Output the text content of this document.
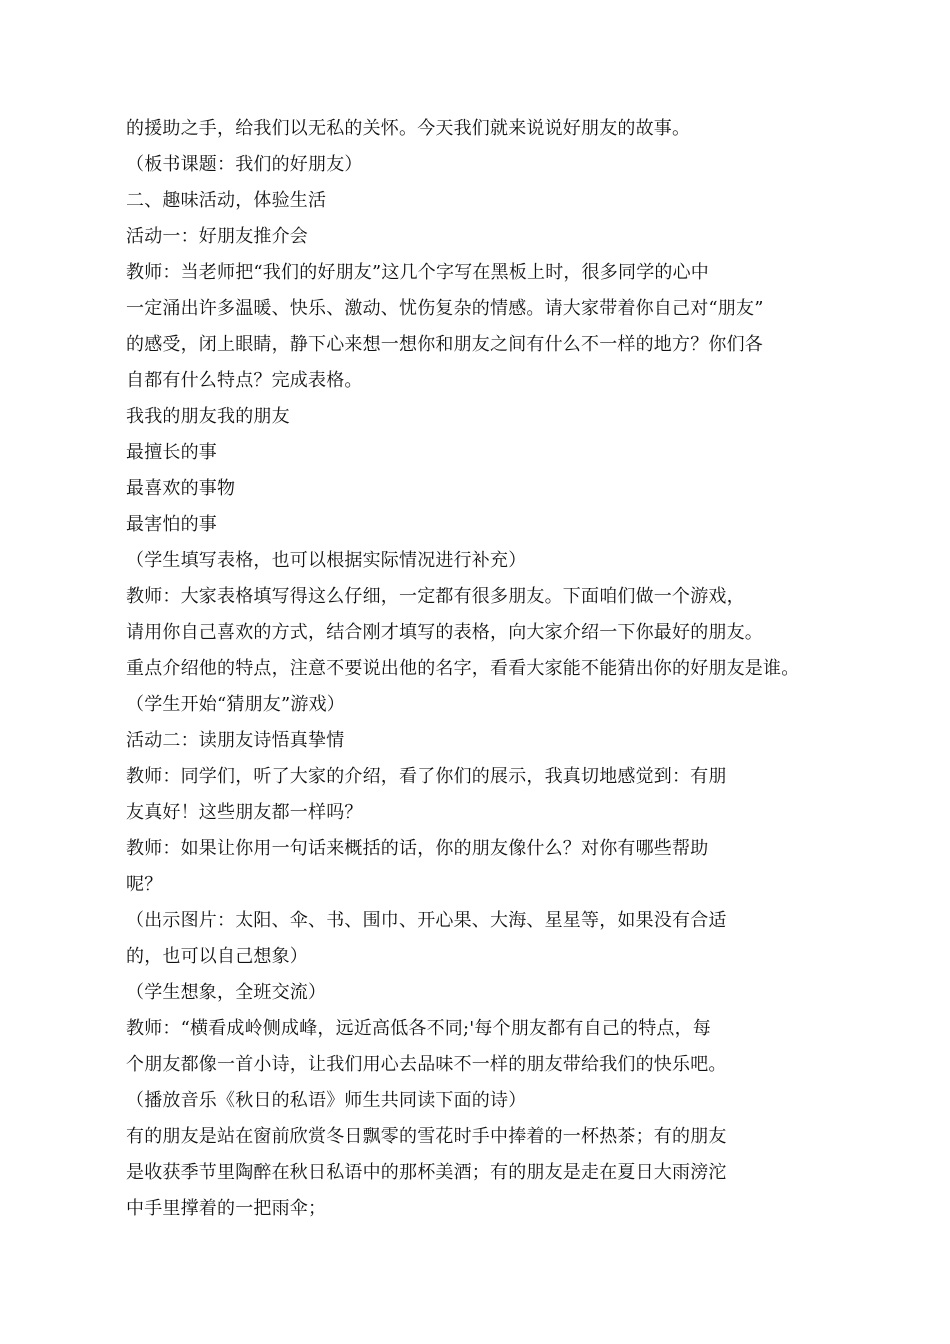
的援助之手，给我们以无私的关怀。今天我们就来说说好朋友的故事。
（板书课题：我们的好朋友）
二、趣味活动，体验生活
活动一：好朋友推介会
教师：当老师把“我们的好朋友”这几个字写在黑板上时，很多同学的心中
一定涌出许多温暖、快乐、激动、忧伤复杂的情感。请大家带着你自己对“朋友”
的感受，闭上眼睛，静下心来想一想你和朋友之间有什么不一样的地方？你们各
自都有什么特点？完成表格。
我我的朋友我的朋友
最擅长的事
最喜欢的事物
最害怕的事
（学生填写表格，也可以根据实际情况进行补充）
教师：大家表格填写得这么仔细，一定都有很多朋友。下面咱们做一个游戏，
请用你自己喜欢的方式，结合刚才填写的表格，向大家介绍一下你最好的朋友。
重点介绍他的特点，注意不要说出他的名字，看看大家能不能猜出你的好朋友是谁。
（学生开始“猜朋友”游戏）
活动二：读朋友诗悟真挚情
教师：同学们，听了大家的介绍，看了你们的展示，我真切地感觉到：有朋
友真好！这些朋友都一样吗？
教师：如果让你用一句话来概括的话，你的朋友像什么？对你有哪些帮助
呢？
（出示图片：太阳、伞、书、围巾、开心果、大海、星星等，如果没有合适
的，也可以自己想象）
（学生想象，全班交流）
教师：“横看成岭侧成峰，远近高低各不同;'每个朋友都有自己的特点，每
个朋友都像一首小诗，让我们用心去品味不一样的朋友带给我们的快乐吧。
（播放音乐《秋日的私语》师生共同读下面的诗）
有的朋友是站在窗前欣赏冬日飘零的雪花时手中捧着的一杯热茶；有的朋友
是收获季节里陶醉在秋日私语中的那杯美酒；有的朋友是走在夏日大雨滂沱
中手里撑着的一把雨伞；
